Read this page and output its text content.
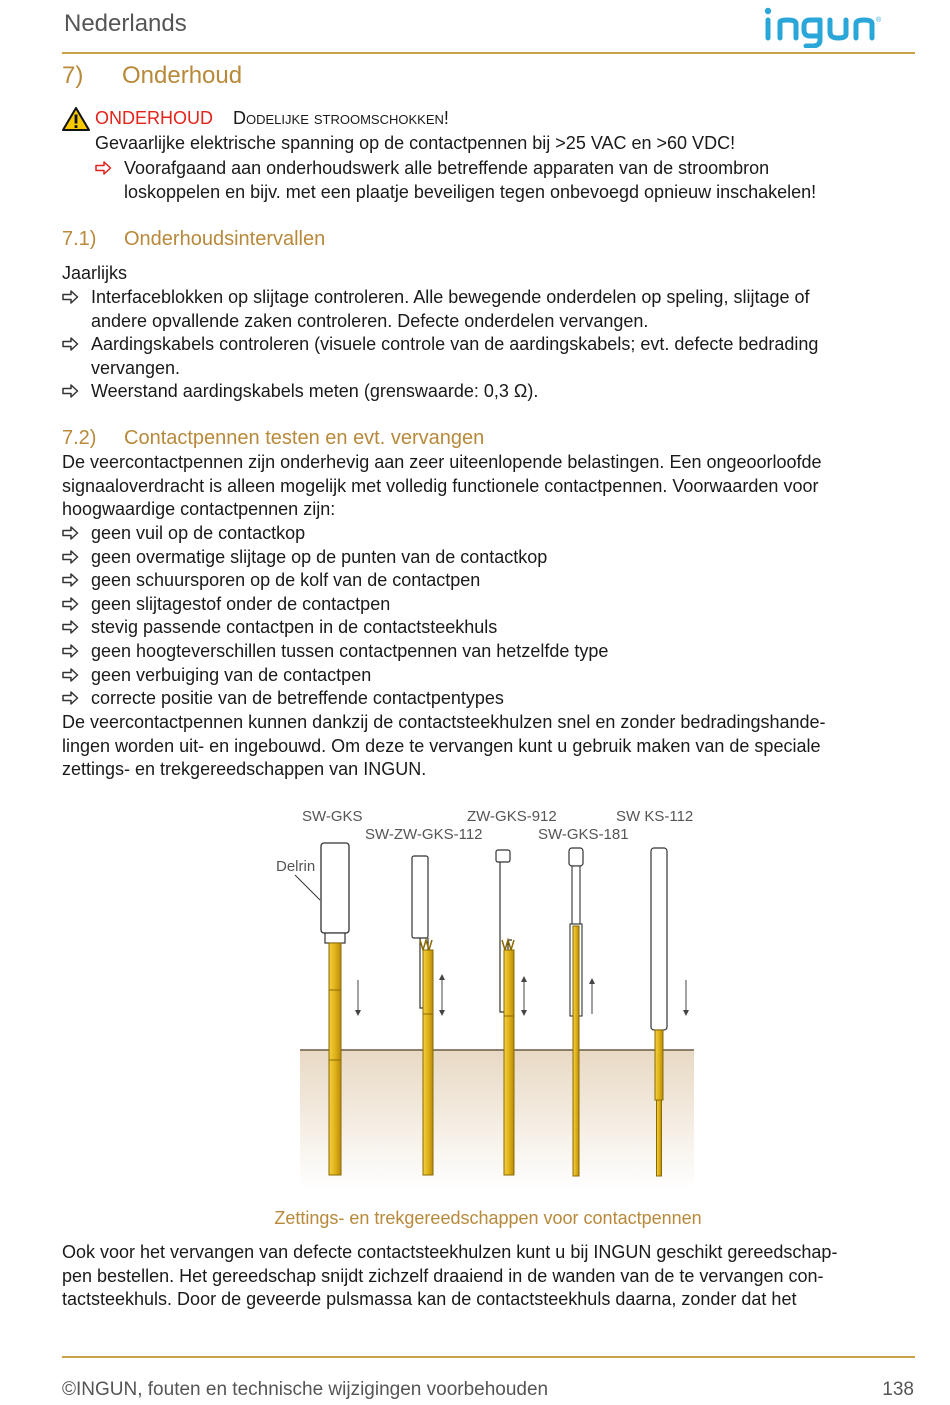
Nederlands	®
7) Onderhoud
ONDERHOUD Dodelijke stroomschokken!
Gevaarlijke elektrische spanning op de contactpennen bij >25 VAC en >60 VDC!
Voorafgaand aan onderhoudswerk alle betreffende apparaten van de stroombron
loskoppelen en bijv. met een plaatje beveiligen tegen onbevoegd opnieuw inschakelen!
7.1) Onderhoudsintervallen
Jaarlijks
Interfaceblokken op slijtage controleren. Alle bewegende onderdelen op speling, slijtage of
andere opvallende zaken controleren. Defecte onderdelen vervangen.
Aardingskabels controleren (visuele controle van de aardingskabels; evt. defecte bedrading
vervangen.
Weerstand aardingskabels meten (grenswaarde: 0,3 Ω).
7.2) Contactpennen testen en evt. vervangen
De veercontactpennen zijn onderhevig aan zeer uiteenlopende belastingen. Een ongeoorloofde
signaaloverdracht is alleen mogelijk met volledig functionele contactpennen. Voorwaarden voor
hoogwaardige contactpennen zijn:
geen vuil op de contactkop
geen overmatige slijtage op de punten van de contactkop
geen schuursporen op de kolf van de contactpen
geen slijtagestof onder de contactpen
stevig passende contactpen in de contactsteekhuls
geen hoogteverschillen tussen contactpennen van hetzelfde type
geen verbuiging van de contactpen
correcte positie van de betreffende contactpentypes
De veercontactpennen kunnen dankzij de contactsteekhulzen snel en zonder bedradingshande-
lingen worden uit- en ingebouwd. Om deze te vervangen kunt u gebruik maken van de speciale
zettings- en trekgereedschappen van INGUN.
SW-GKS	ZW-GKS-912	SW KS-112
SW-ZW-GKS-112	SW-GKS-181
Delrin
Zettings- en trekgereedschappen voor contactpennen
Ook voor het vervangen van defecte contactsteekhulzen kunt u bij INGUN geschikt gereedschap-
pen bestellen. Het gereedschap snijdt zichzelf draaiend in de wanden van de te vervangen con-
tactsteekhuls. Door de geveerde pulsmassa kan de contactsteekhuls daarna, zonder dat het
©INGUN, fouten en technische wijzigingen voorbehouden	138
